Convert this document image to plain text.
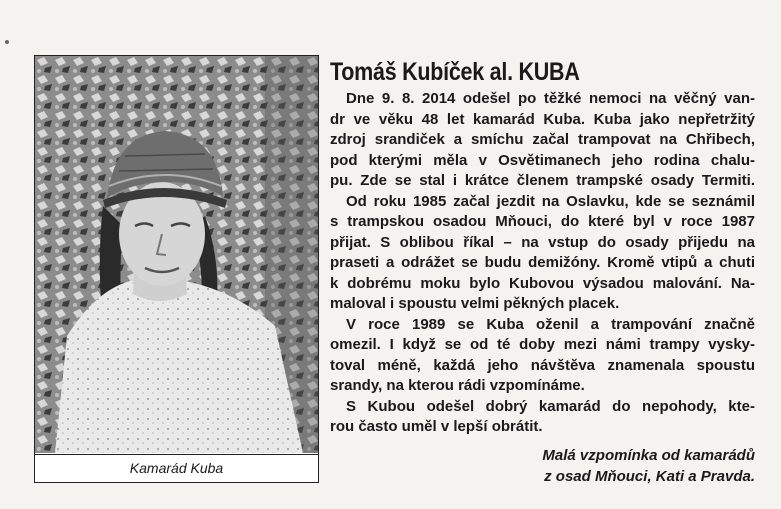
Kamarád Kuba
Tomáš Kubíček al. KUBA
Dne 9. 8. 2014 odešel po těžké nemoci na věčný van-
dr ve věku 48 let kamarád Kuba. Kuba jako nepřetržitý
zdroj srandiček a smíchu začal trampovat na Chřibech,
pod kterými měla v Osvětimanech jeho rodina chalu-
pu. Zde se stal i krátce členem trampské osady Termiti.
Od roku 1985 začal jezdit na Oslavku, kde se seznámil
s trampskou osadou Mňouci, do které byl v roce 1987
přijat. S oblibou říkal – na vstup do osady přijedu na
praseti a odrážet se budu demižóny. Kromě vtipů a chuti
k dobrému moku bylo Kubovou výsadou malování. Na-
maloval i spoustu velmi pěkných placek.
V roce 1989 se Kuba oženil a trampování značně
omezil. I když se od té doby mezi námi trampy vysky-
toval méně, každá jeho návštěva znamenala spoustu
srandy, na kterou rádi vzpomínáme.
S Kubou odešel dobrý kamarád do nepohody, kte-
rou často uměl v lepší obrátit.
Malá vzpomínka od kamarádů
z osad Mňouci, Kati a Pravda.
